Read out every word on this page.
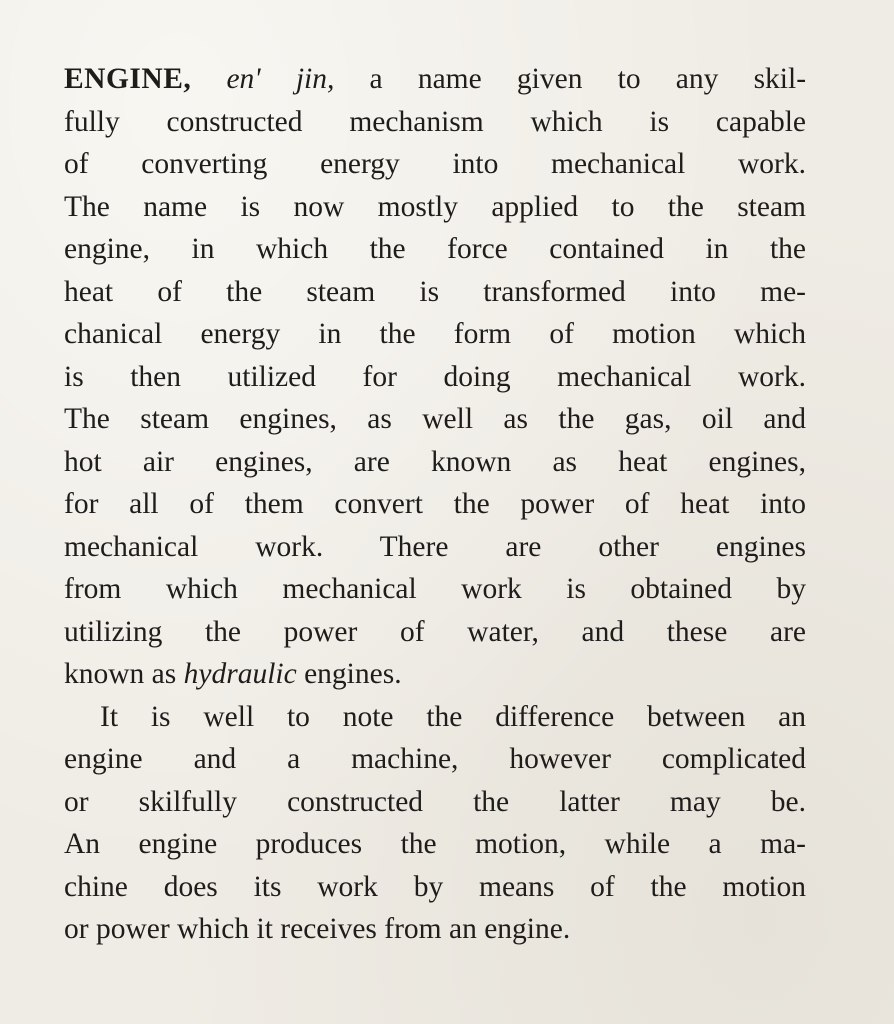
ENGINE, en' jin, a name given to any skil-
fully constructed mechanism which is capable
of converting energy into mechanical work.
The name is now mostly applied to the steam
engine, in which the force contained in the
heat of the steam is transformed into me-
chanical energy in the form of motion which
is then utilized for doing mechanical work.
The steam engines, as well as the gas, oil and
hot air engines, are known as heat engines,
for all of them convert the power of heat into
mechanical work. There are other engines
from which mechanical work is obtained by
utilizing the power of water, and these are
known as hydraulic engines.
It is well to note the difference between an
engine and a machine, however complicated
or skilfully constructed the latter may be.
An engine produces the motion, while a ma-
chine does its work by means of the motion
or power which it receives from an engine.
